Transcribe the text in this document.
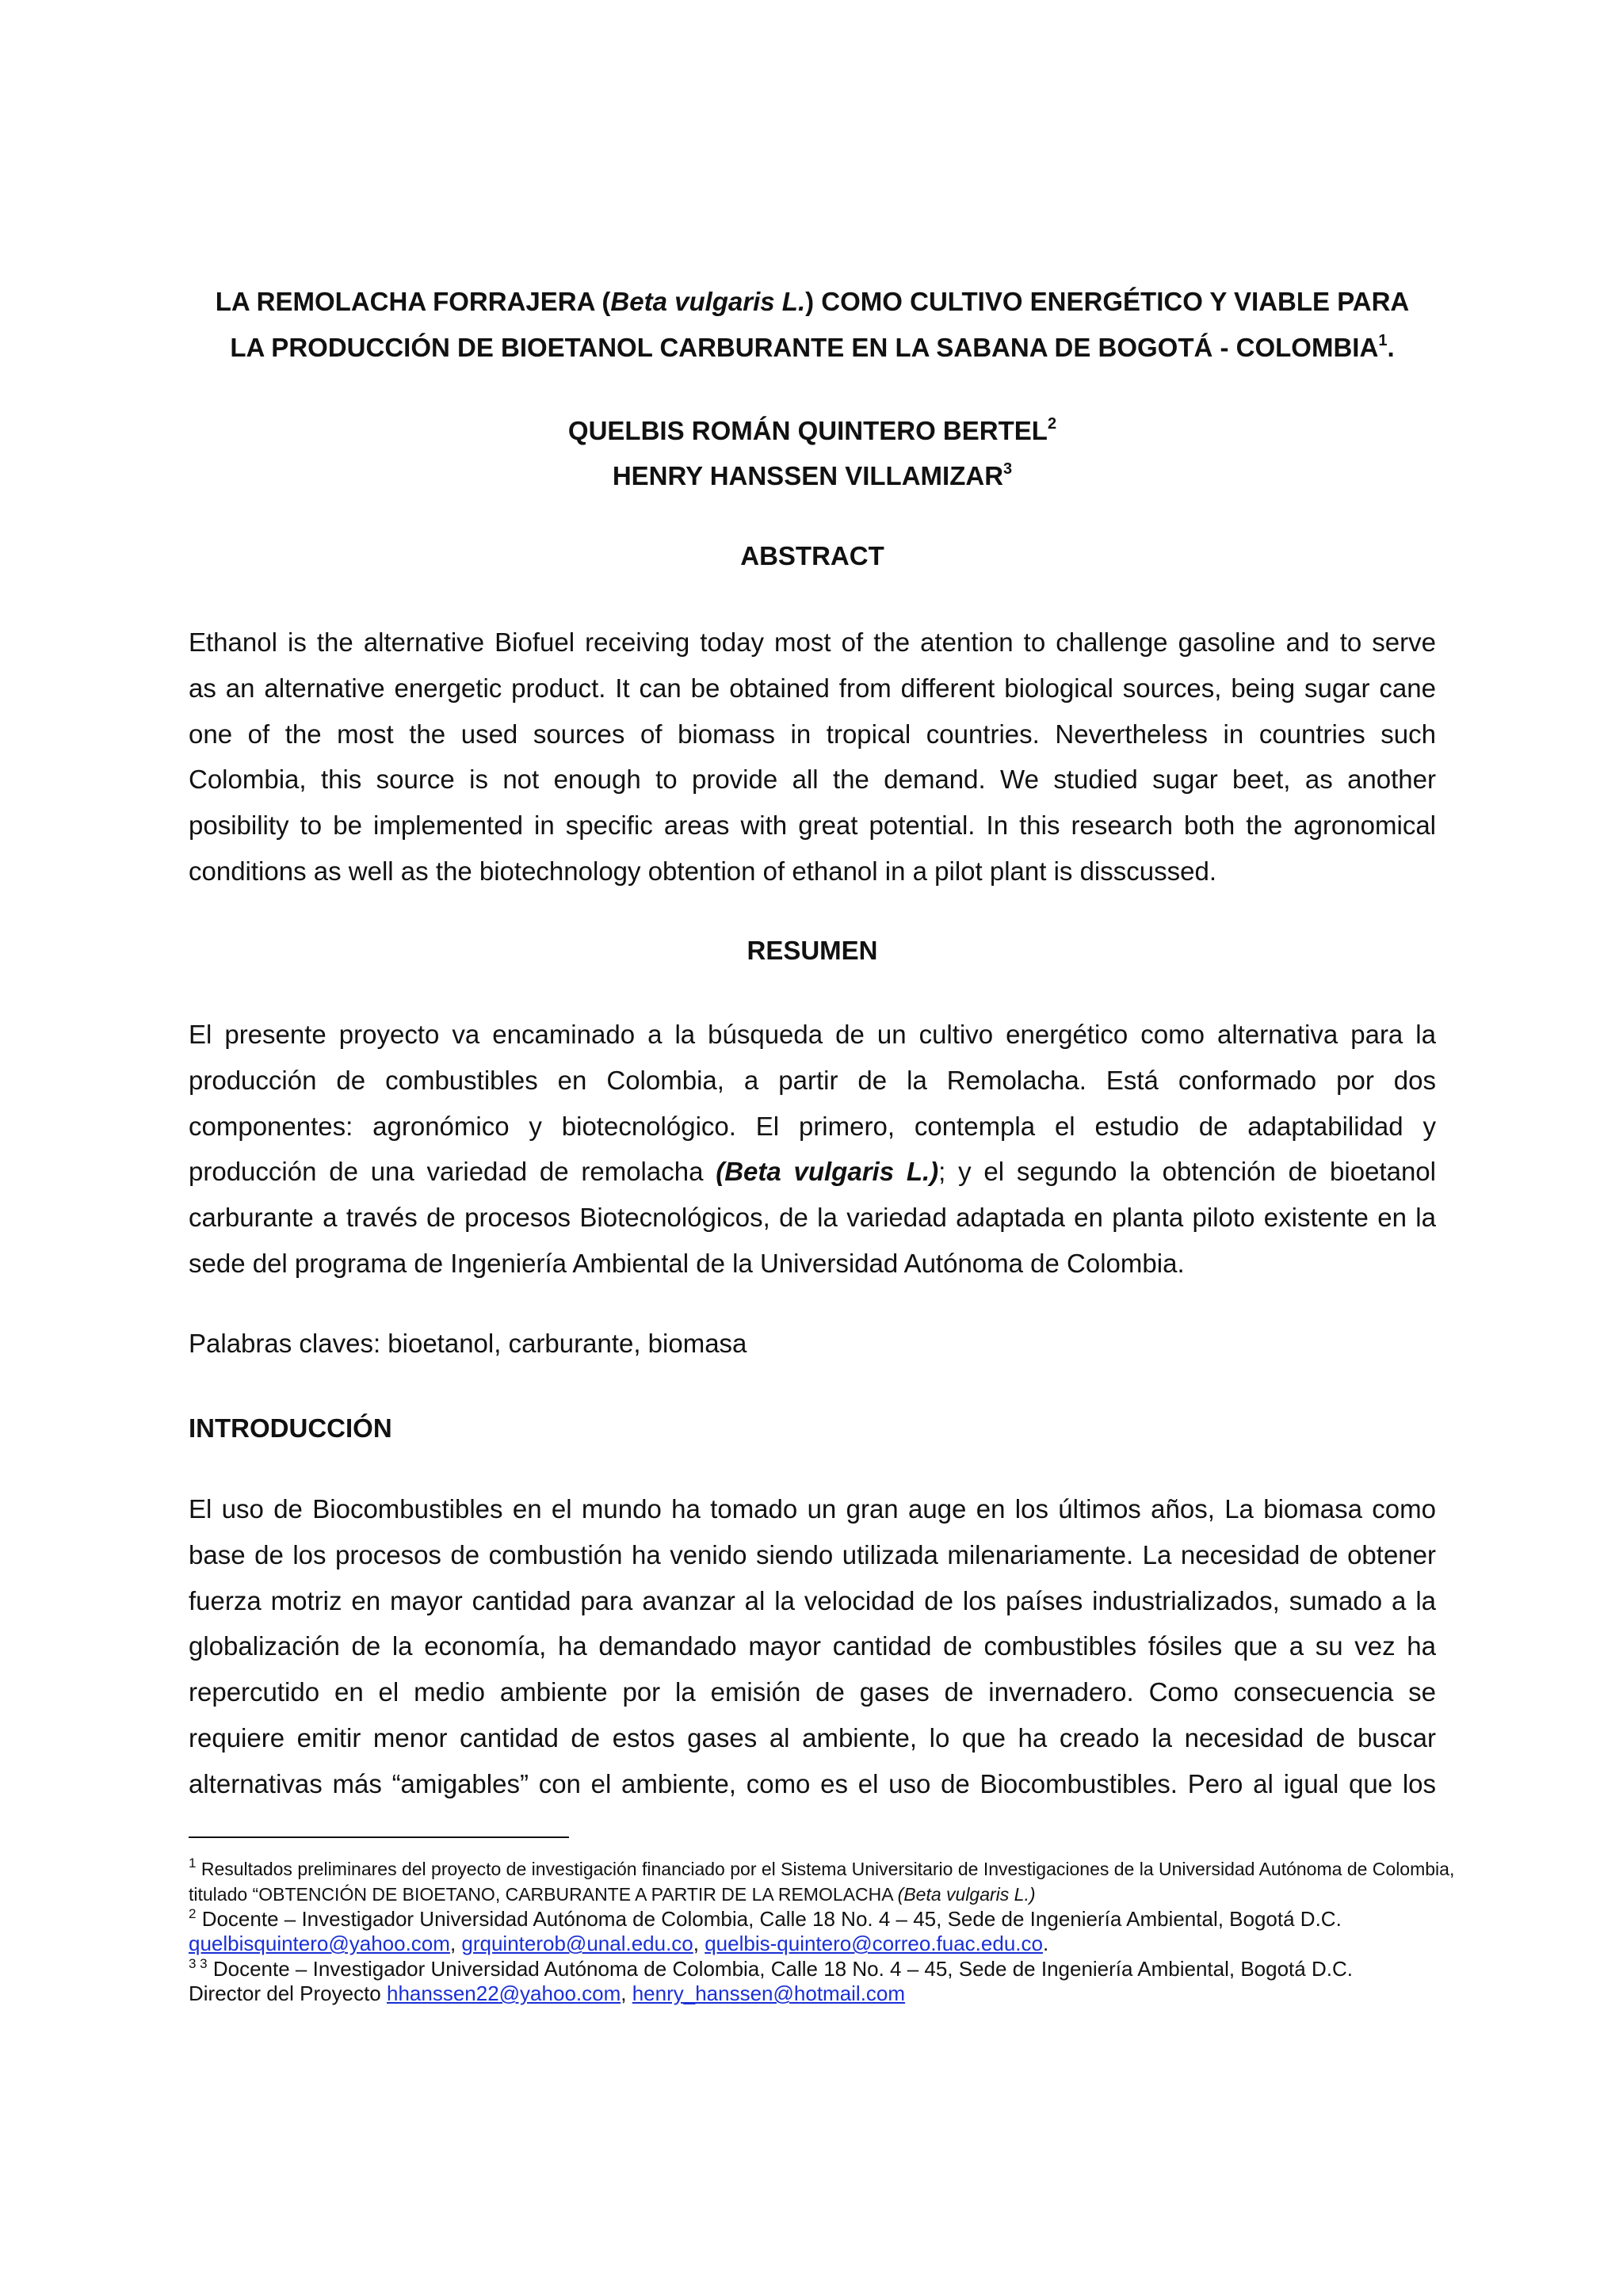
LA REMOLACHA FORRAJERA (Beta vulgaris L.) COMO CULTIVO ENERGÉTICO Y VIABLE PARA
LA PRODUCCIÓN DE BIOETANOL CARBURANTE EN LA SABANA DE BOGOTÁ - COLOMBIA$^1$.
QUELBIS ROMÁN QUINTERO BERTEL$^2$
HENRY HANSSEN VILLAMIZAR$^3$
ABSTRACT
Ethanol is the alternative Biofuel receiving today most of the atention to challenge gasoline and to serve
as an alternative energetic product. It can be obtained from different biological sources, being sugar cane
one of the most the used sources of biomass in tropical countries. Nevertheless in countries such
Colombia, this source is not enough to provide all the demand. We studied sugar beet, as another
posibility to be implemented in specific areas with great potential. In this research both the agronomical
conditions as well as the biotechnology obtention of ethanol in a pilot plant is disscussed.
RESUMEN
El presente proyecto va encaminado a la búsqueda de un cultivo energético como alternativa para la
producción de combustibles en Colombia, a partir de la Remolacha. Está conformado por dos
componentes: agronómico y biotecnológico. El primero, contempla el estudio de adaptabilidad y
producción de una variedad de remolacha (Beta vulgaris L.); y el segundo la obtención de bioetanol
carburante a través de procesos Biotecnológicos, de la variedad adaptada en planta piloto existente en la
sede del programa de Ingeniería Ambiental de la Universidad Autónoma de Colombia.
Palabras claves: bioetanol, carburante, biomasa
INTRODUCCIÓN
El uso de Biocombustibles en el mundo ha tomado un gran auge en los últimos años, La biomasa como
base de los procesos de combustión ha venido siendo utilizada milenariamente. La necesidad de obtener
fuerza motriz en mayor cantidad para avanzar al la velocidad de los países industrializados, sumado a la
globalización de la economía, ha demandado mayor cantidad de combustibles fósiles que a su vez ha
repercutido en el medio ambiente por la emisión de gases de invernadero. Como consecuencia se
requiere emitir menor cantidad de estos gases al ambiente, lo que ha creado la necesidad de buscar
alternativas más “amigables” con el ambiente, como es el uso de Biocombustibles. Pero al igual que los
$^1$ Resultados preliminares del proyecto de investigación financiado por el Sistema Universitario de Investigaciones de la Universidad Autónoma de Colombia,
titulado “OBTENCIÓN DE BIOETANO, CARBURANTE A PARTIR DE LA REMOLACHA (Beta vulgaris L.)
$^2$ Docente – Investigador Universidad Autónoma de Colombia, Calle 18 No. 4 – 45, Sede de Ingeniería Ambiental, Bogotá D.C.
quelbisquintero@yahoo.com, grquinterob@unal.edu.co, quelbis-quintero@correo.fuac.edu.co.
$^{3 3}$ Docente – Investigador Universidad Autónoma de Colombia, Calle 18 No. 4 – 45, Sede de Ingeniería Ambiental, Bogotá D.C.
Director del Proyecto hhanssen22@yahoo.com, henry_hanssen@hotmail.com
